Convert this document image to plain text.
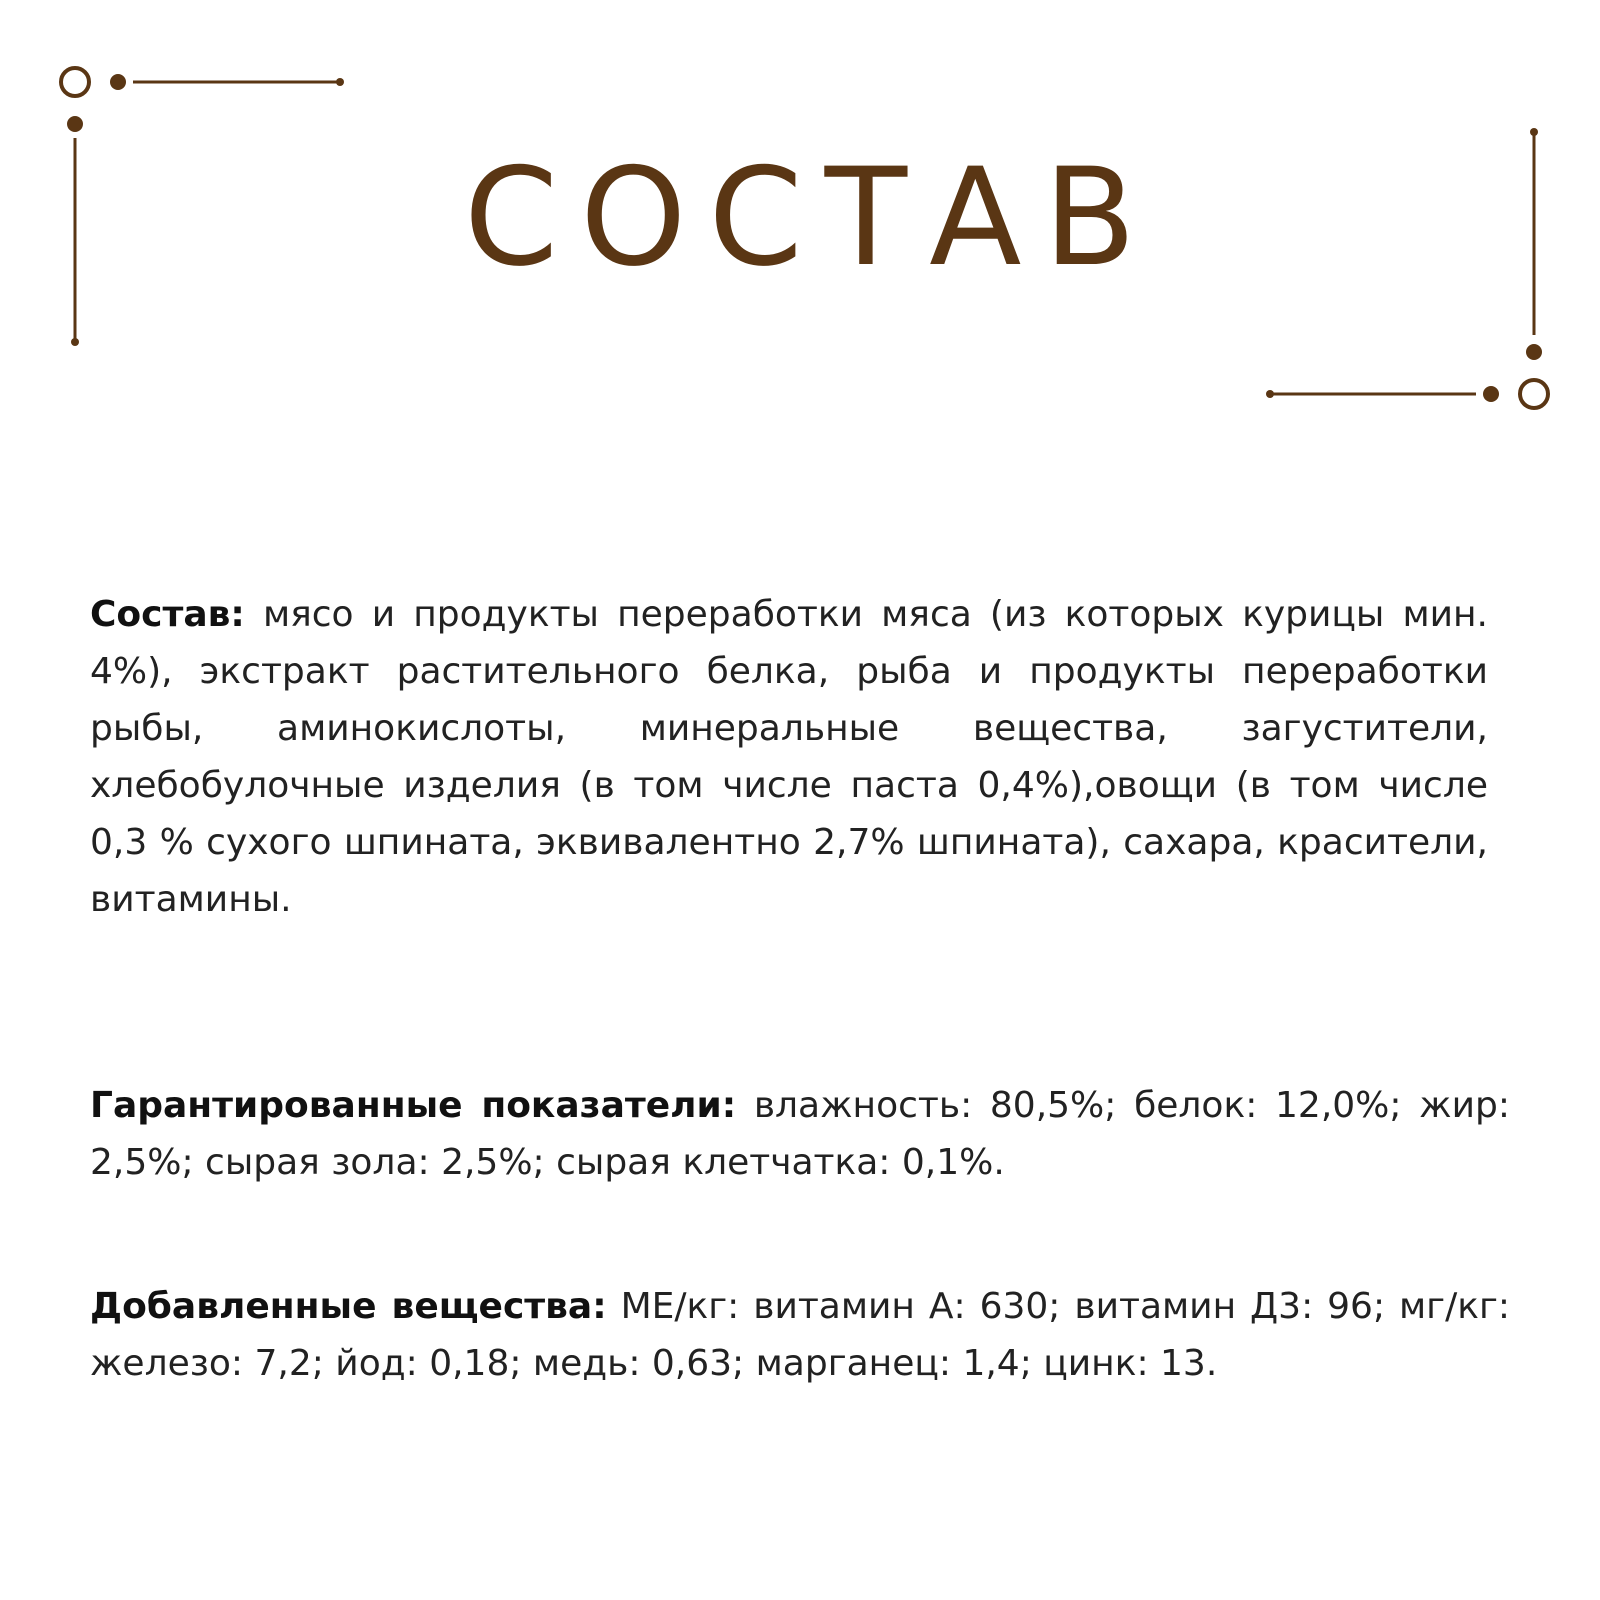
СОСТАВ

Состав: мясо и продукты переработки мяса (из которых курицы мин. 4%), экстракт растительного белка, рыба и продукты переработки рыбы, аминокислоты, минеральные вещества, загустители, хлебобулочные изделия (в том числе паста 0,4%),овощи (в том числе 0,3 % сухого шпината, эквивалентно 2,7% шпината), сахара, красители, витамины.

Гарантированные показатели: влажность: 80,5%; белок: 12,0%; жир: 2,5%; сырая зола: 2,5%; сырая клетчатка: 0,1%.

Добавленные вещества: МЕ/кг: витамин А: 630; витамин Д3: 96; мг/кг: железо: 7,2; йод: 0,18; медь: 0,63; марганец: 1,4; цинк: 13.
